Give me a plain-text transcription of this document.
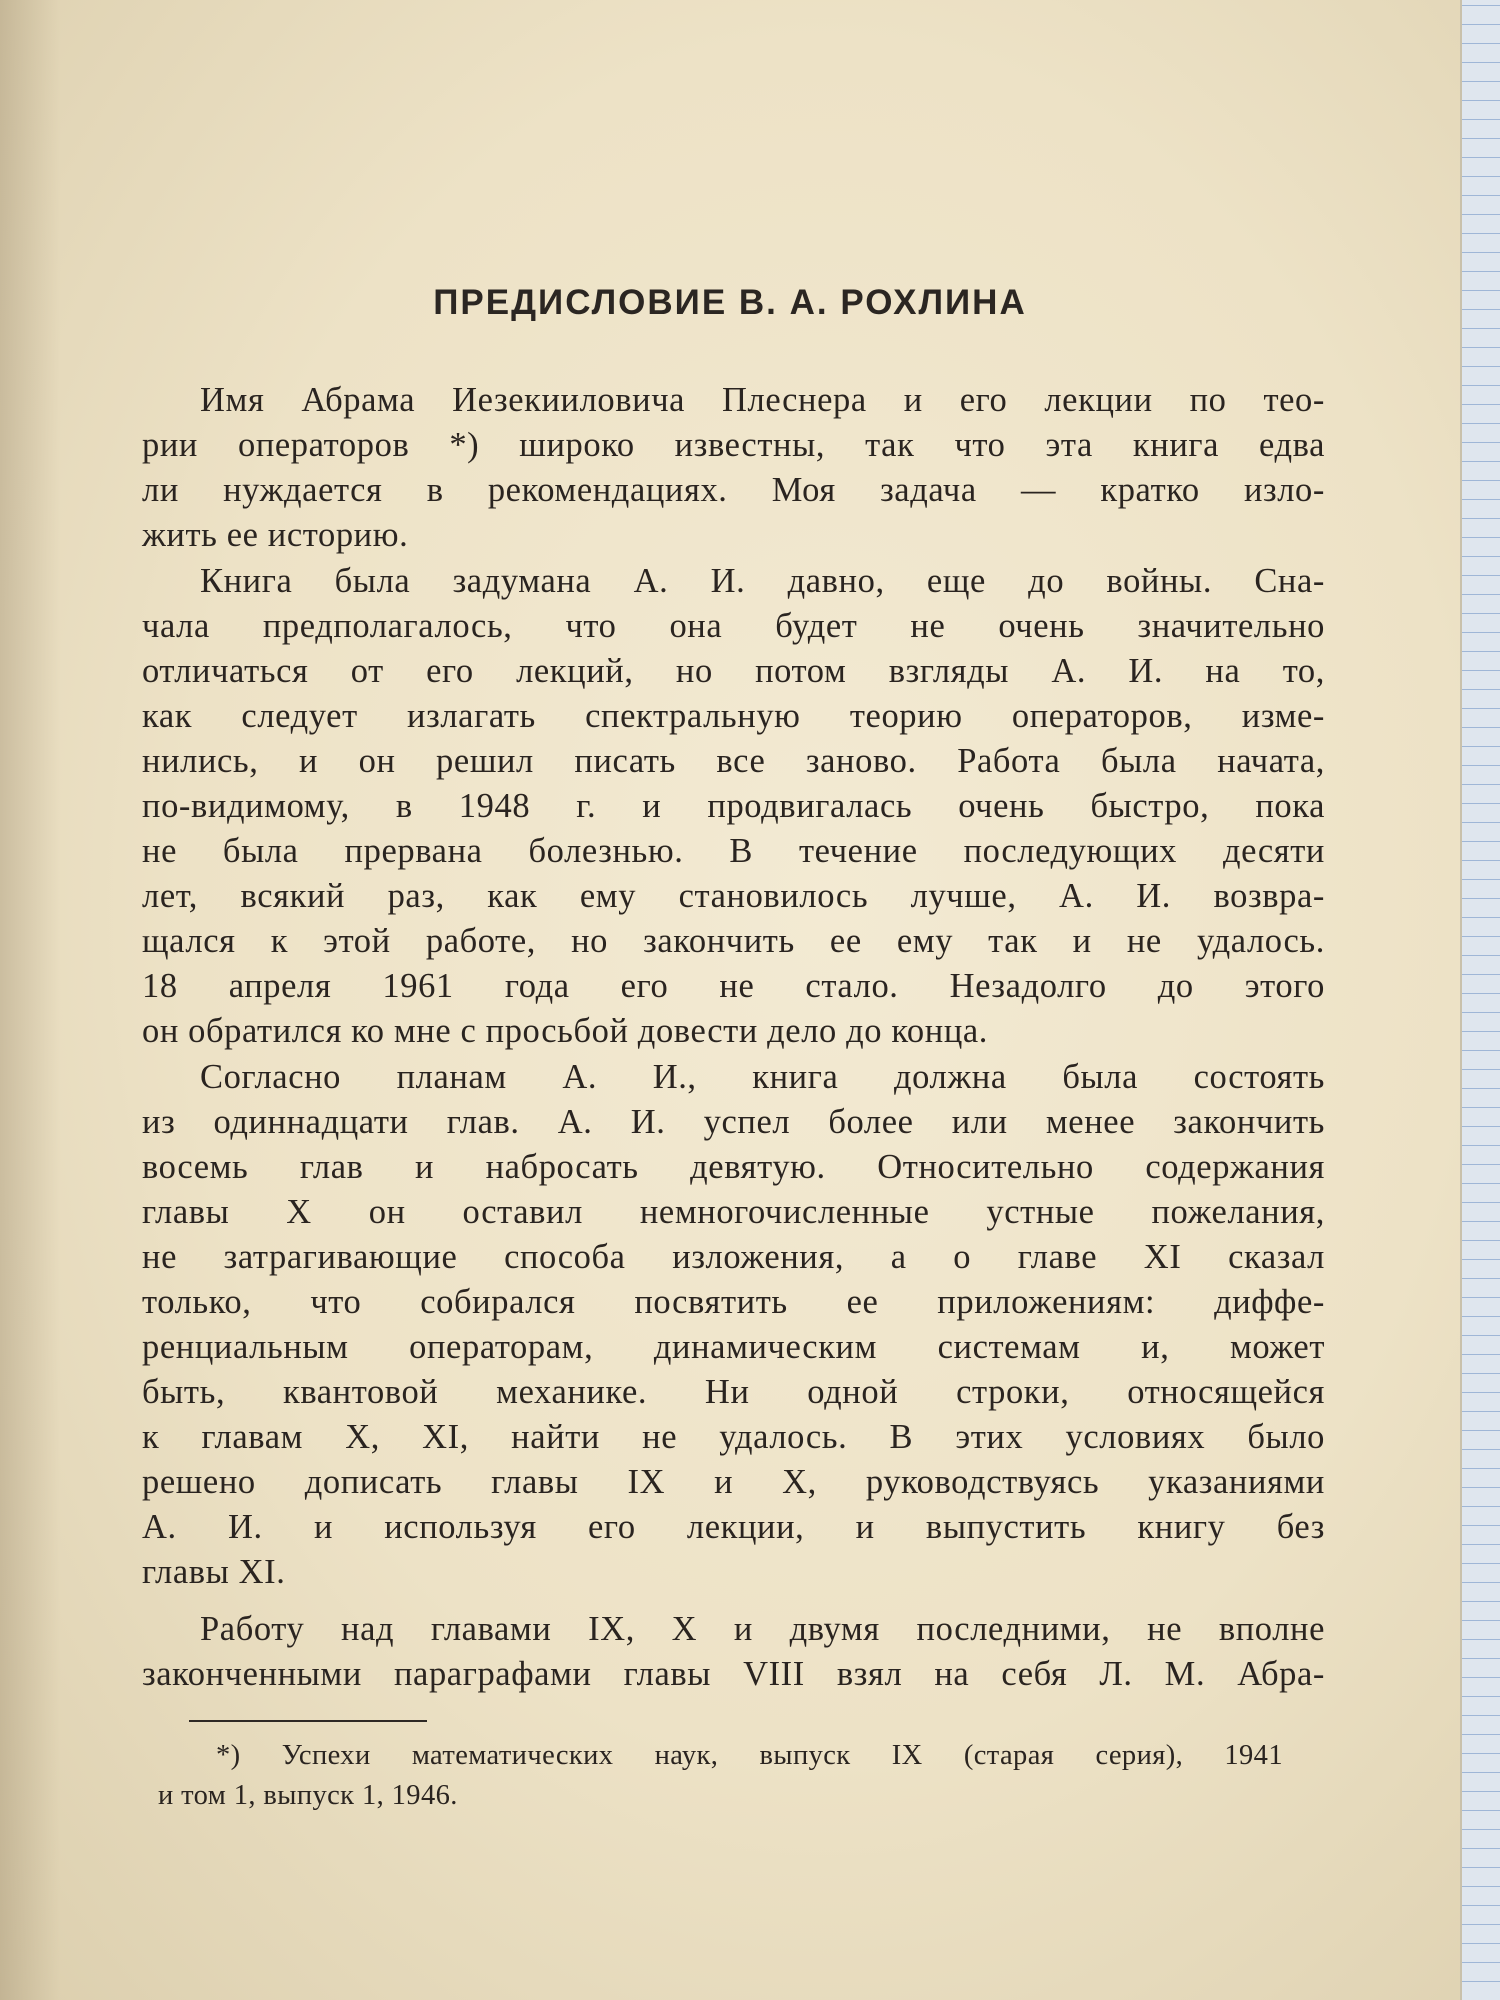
ПРЕДИСЛОВИЕ В. А. РОХЛИНА
Имя Абрама Иезекииловича Плеснера и его лекции по тео-
рии операторов *) широко известны, так что эта книга едва
ли нуждается в рекомендациях. Моя задача — кратко изло-
жить ее историю.
Книга была задумана А. И. давно, еще до войны. Сна-
чала предполагалось, что она будет не очень значительно
отличаться от его лекций, но потом взгляды А. И. на то,
как следует излагать спектральную теорию операторов, изме-
нились, и он решил писать все заново. Работа была начата,
по-видимому, в 1948 г. и продвигалась очень быстро, пока
не была прервана болезнью. В течение последующих десяти
лет, всякий раз, как ему становилось лучше, А. И. возвра-
щался к этой работе, но закончить ее ему так и не удалось.
18 апреля 1961 года его не стало. Незадолго до этого
он обратился ко мне с просьбой довести дело до конца.
Согласно планам А. И., книга должна была состоять
из одиннадцати глав. А. И. успел более или менее закончить
восемь глав и набросать девятую. Относительно содержания
главы X он оставил немногочисленные устные пожелания,
не затрагивающие способа изложения, а о главе XI сказал
только, что собирался посвятить ее приложениям: диффе-
ренциальным операторам, динамическим системам и, может
быть, квантовой механике. Ни одной строки, относящейся
к главам X, XI, найти не удалось. В этих условиях было
решено дописать главы IX и X, руководствуясь указаниями
А. И. и используя его лекции, и выпустить книгу без
главы XI.
Работу над главами IX, X и двумя последними, не вполне
законченными параграфами главы VIII взял на себя Л. М. Абра-
*) Успехи математических наук, выпуск IX (старая серия), 1941
и том 1, выпуск 1, 1946.
